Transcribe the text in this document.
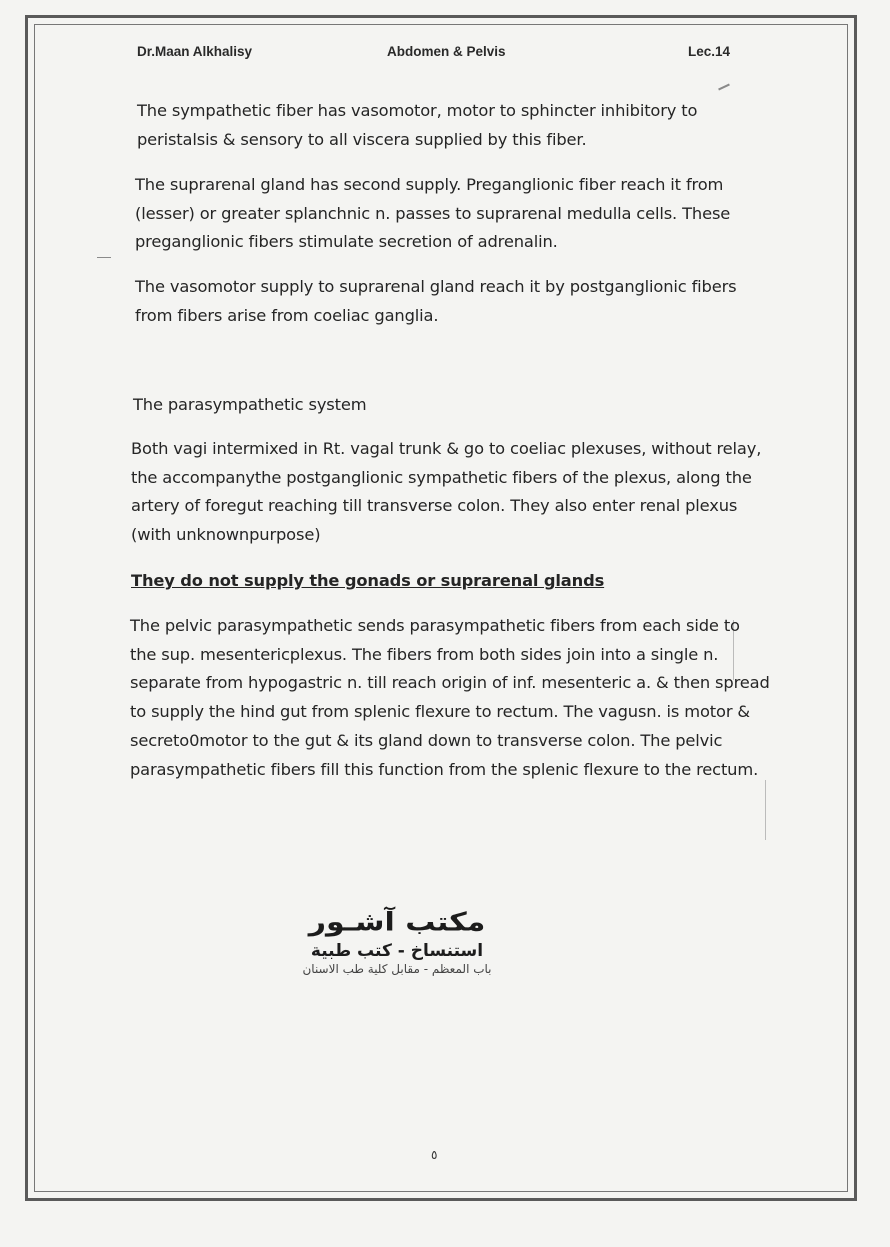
Dr.Maan Alkhalisy	Abdomen & Pelvis	Lec.14

The sympathetic fiber has vasomotor, motor to sphincter inhibitory to peristalsis & sensory to all viscera supplied by this fiber.

The suprarenal gland has second supply. Preganglionic fiber reach it from (lesser) or greater splanchnic n. passes to suprarenal medulla cells. These preganglionic fibers stimulate secretion of adrenalin.

The vasomotor supply to suprarenal gland reach it by postganglionic fibers from fibers arise from coeliac ganglia.

The parasympathetic system

Both vagi intermixed in Rt. vagal trunk & go to coeliac plexuses, without relay, the accompanythe postganglionic sympathetic fibers of the plexus, along the artery of foregut reaching till transverse colon. They also enter renal plexus (with unknownpurpose)

They do not supply the gonads or suprarenal glands

The pelvic parasympathetic sends parasympathetic fibers from each side to the sup. mesentericplexus. The fibers from both sides join into a single n. separate from hypogastric n. till reach origin of inf. mesenteric a. & then spread to supply the hind gut from splenic flexure to rectum. The vagusn. is motor & secreto0motor to the gut & its gland down to transverse colon. The pelvic parasympathetic fibers fill this function from the splenic flexure to the rectum.

مكتب آشـور
استنساخ - كتب طبية
باب المعظم - مقابل كلية طب الاسنان
٥
